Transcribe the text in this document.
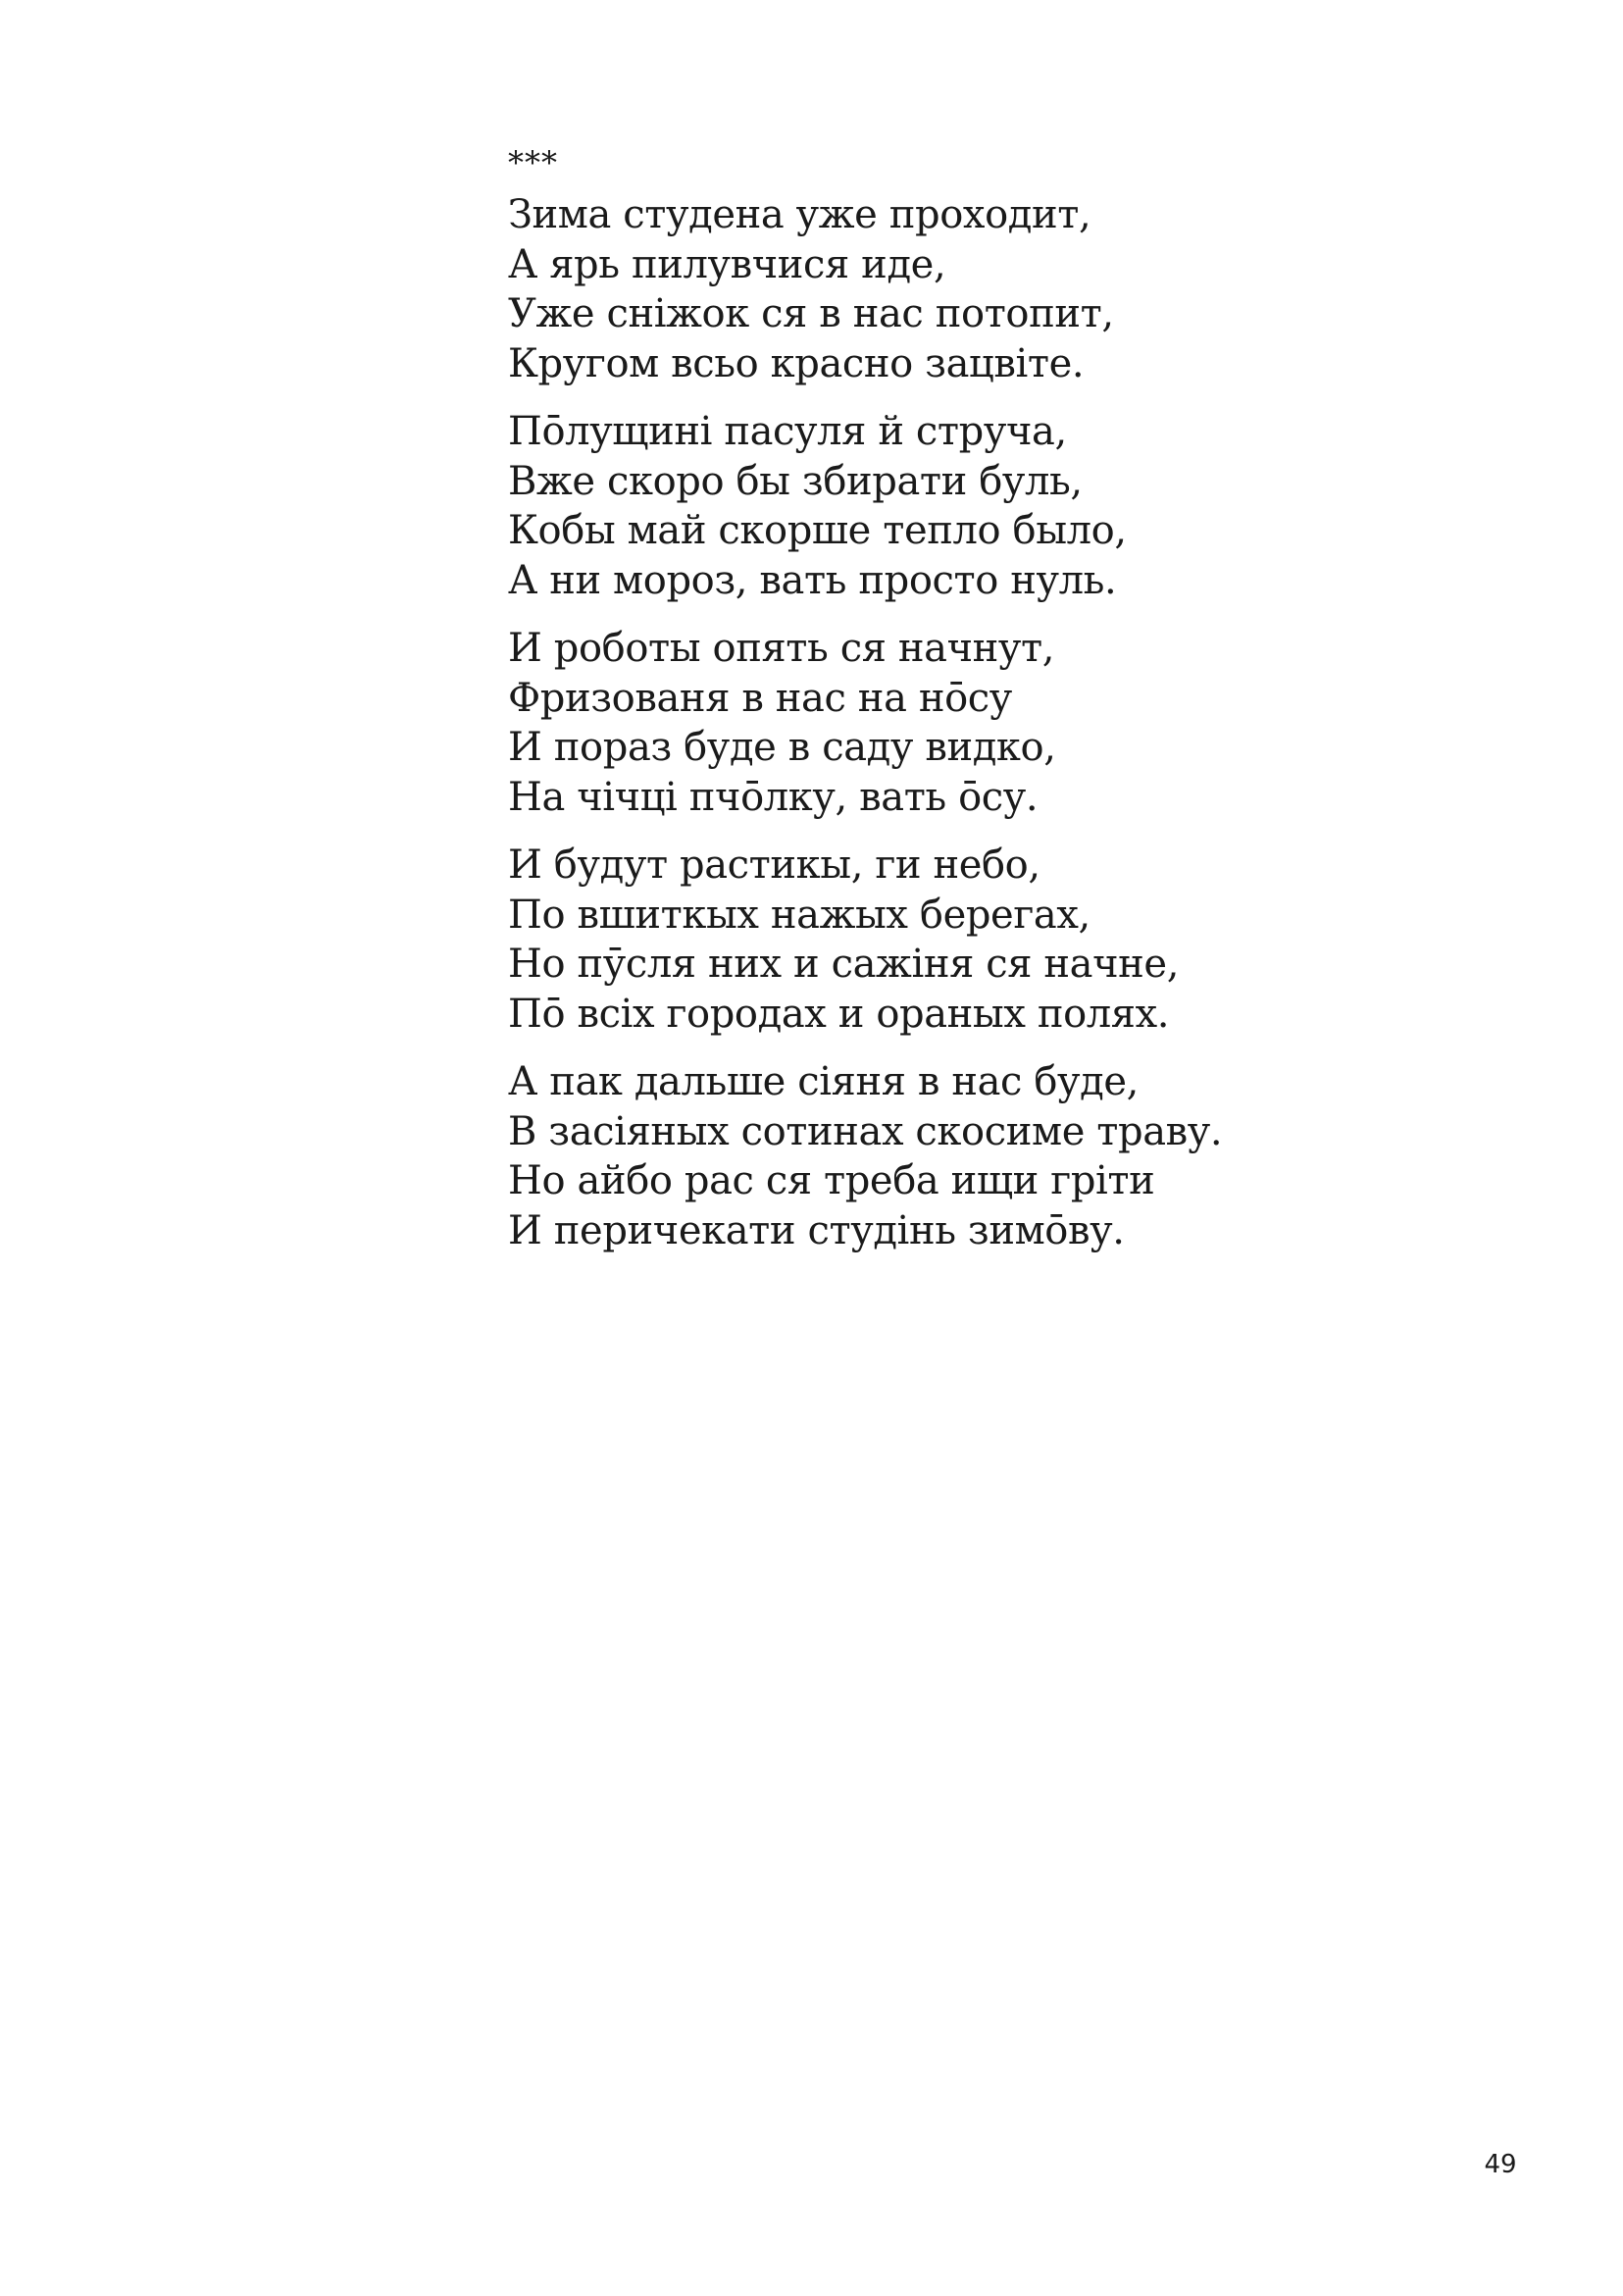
***
Зима студена уже проходит,
А ярь пилувчися иде,
Уже сніжок ся в нас потопит,
Кругом всьо красно зацвіте.
Пōлущині пасуля й струча,
Вже скоро бы збирати буль,
Кобы май скорше тепло было,
А ни мороз, вать просто нуль.
И роботы опять ся начнут,
Фризованя в нас на нōсу
И пораз буде в саду видко,
На чічці пчōлку, вать ōсу.
И будут растикы, ги небо,
По вшиткых нажых берегах,
Но пӯсля них и сажіня ся начне,
Пō всіх городах и ораных полях.
А пак дальше сіяня в нас буде,
В засіяных сотинах скосиме траву.
Но айбо рас ся треба ищи гріти
И перичекати студінь зимōву.
49
